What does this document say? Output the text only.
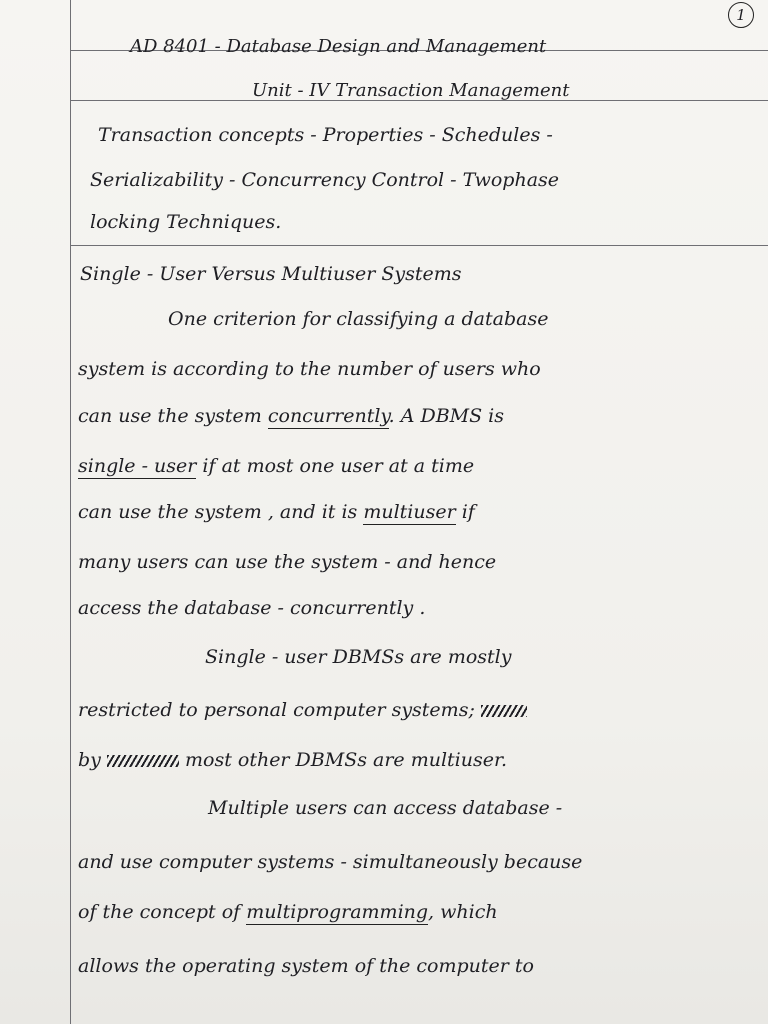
1
AD 8401 - Database Design and Management
Unit - IV Transaction Management
Transaction concepts - Properties - Schedules -
Serializability - Concurrency Control - Twophase
locking Techniques.
Single - User Versus Multiuser Systems
One criterion for classifying a database
system is according to the number of users who
can use the system concurrently. A DBMS is
single - user if at most one user at a time
can use the system , and it is multiuser if
many users can use the system - and hence
access the database - concurrently .
Single - user DBMSs are mostly
restricted to personal computer systems;
by	most other DBMSs are multiuser.
Multiple users can access database -
and use computer systems - simultaneously because
of the concept of multiprogramming, which
allows the operating system of the computer to
